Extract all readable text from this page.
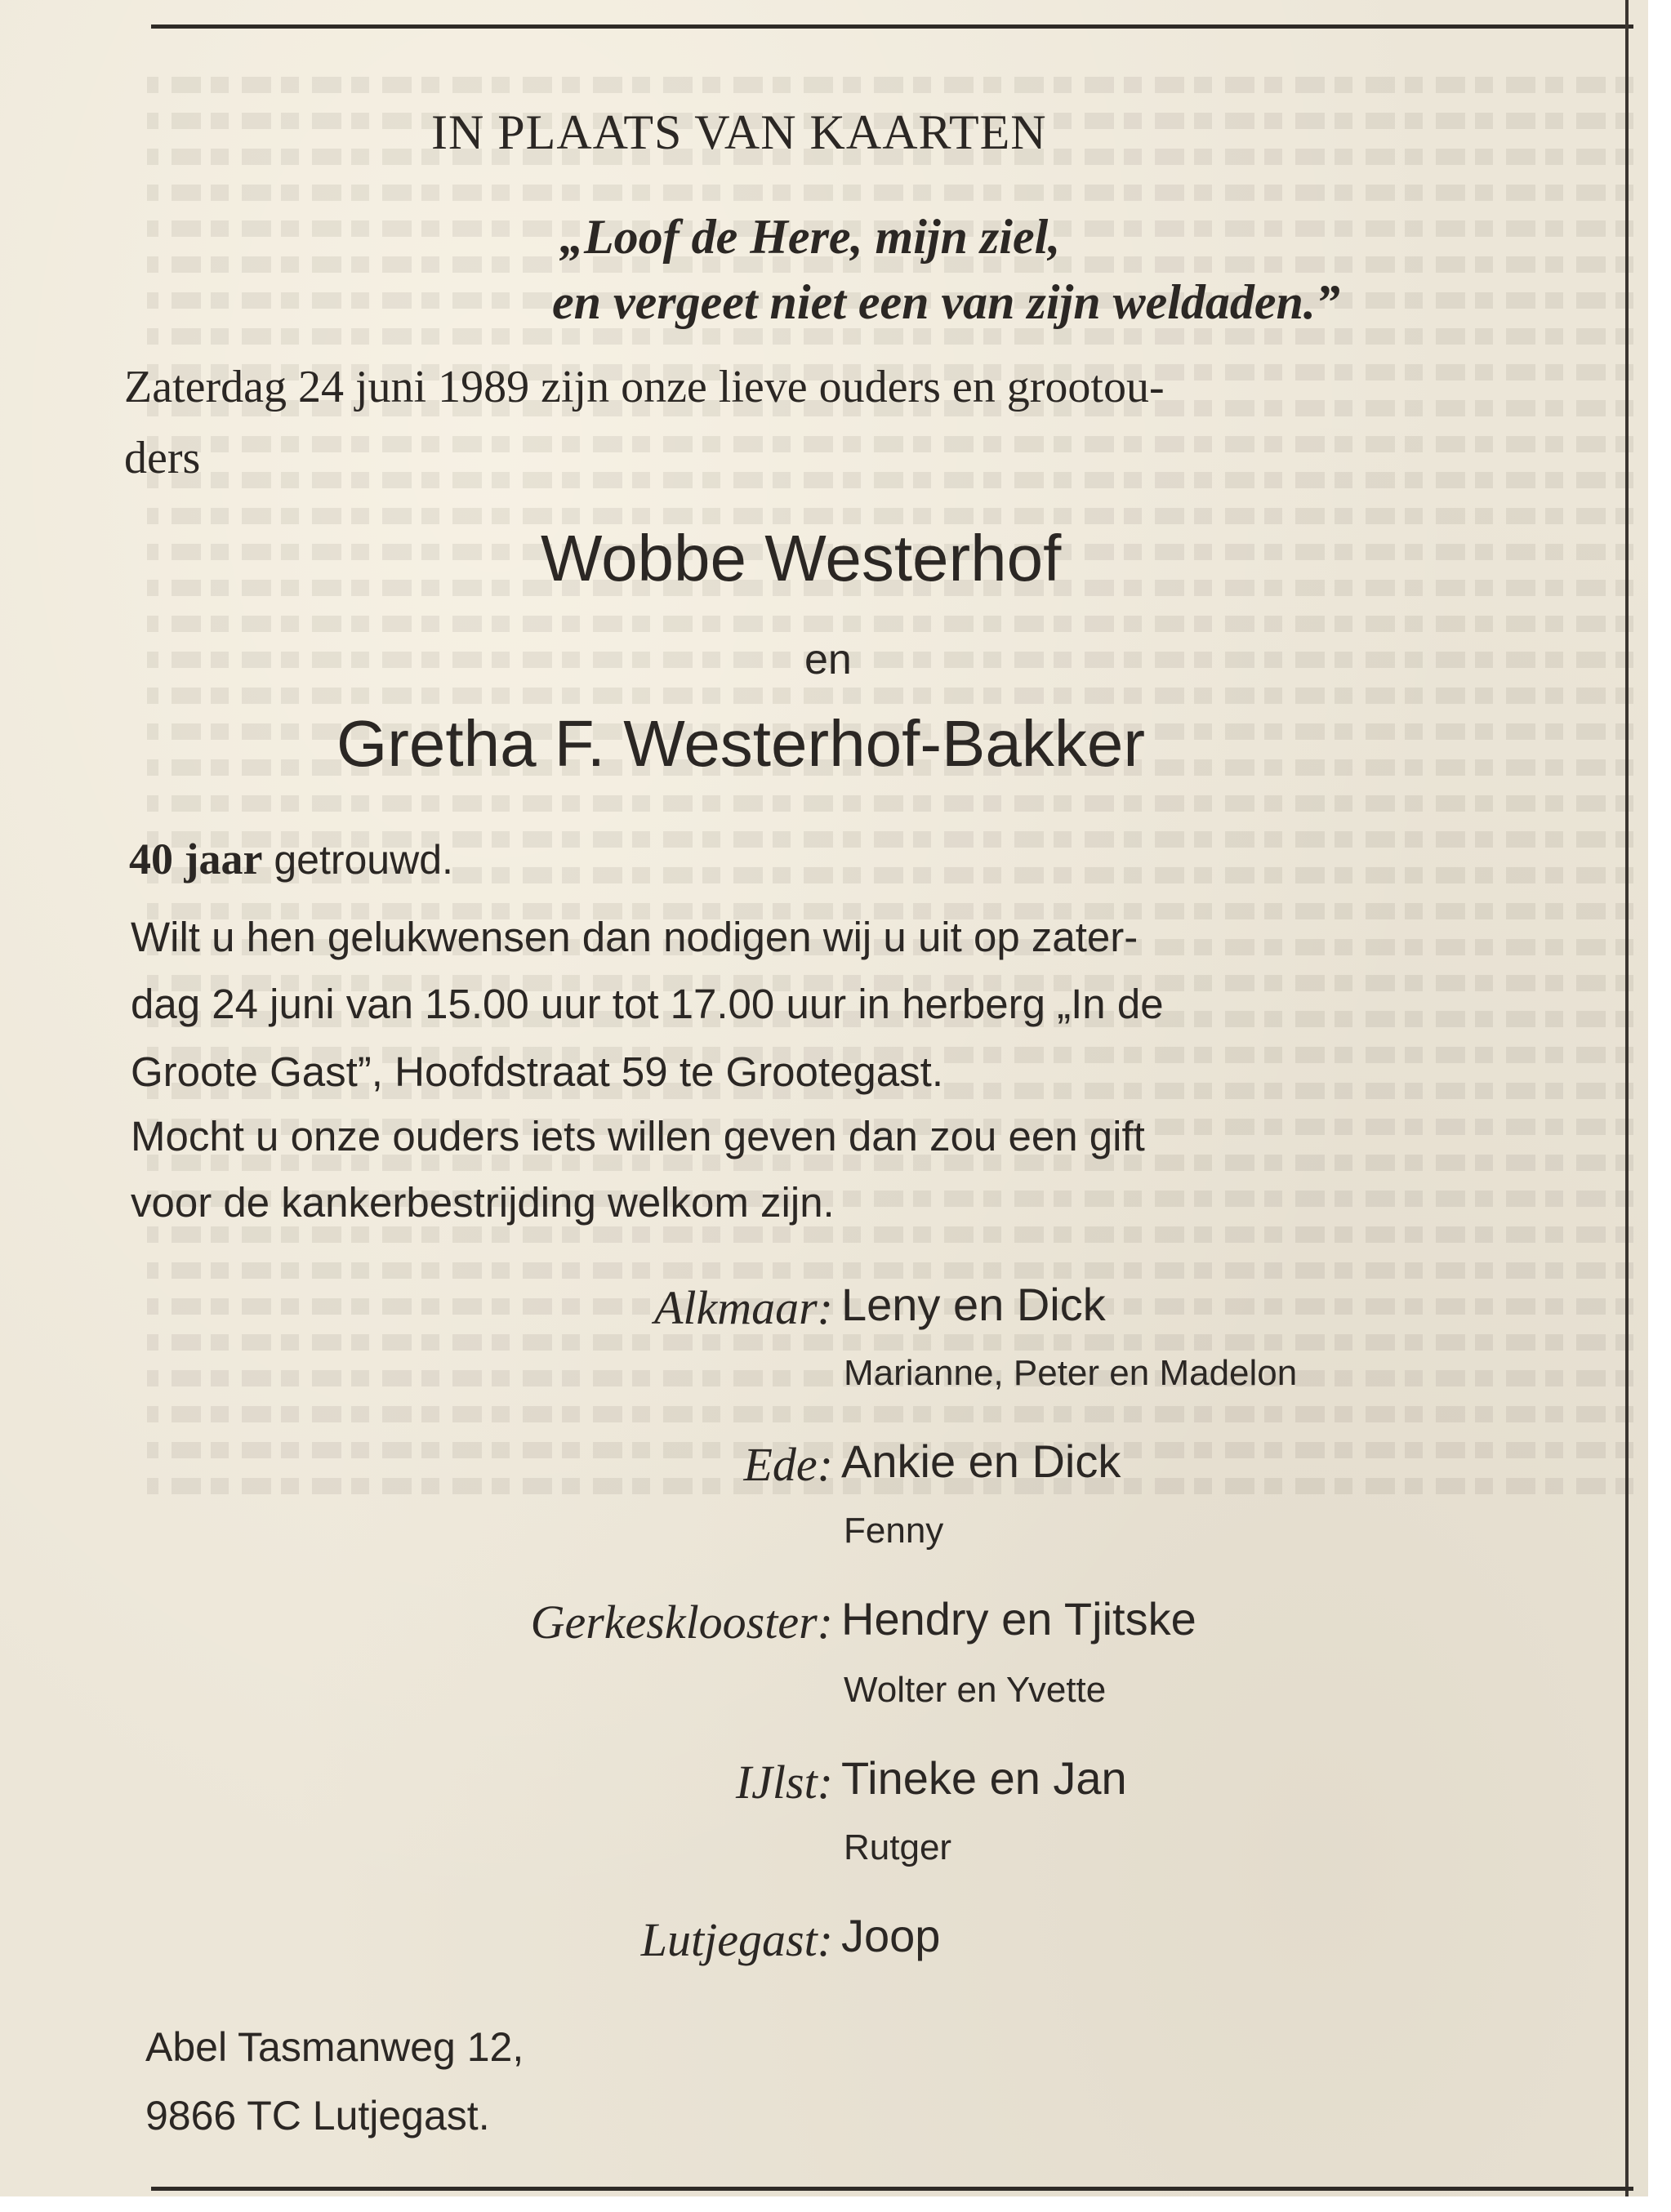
IN PLAATS VAN KAARTEN
„Loof de Here, mijn ziel,
en vergeet niet een van zijn weldaden.”
Zaterdag 24 juni 1989 zijn onze lieve ouders en grootou-
ders
Wobbe Westerhof
en
Gretha F. Westerhof-Bakker
40 jaar getrouwd.
Wilt u hen gelukwensen dan nodigen wij u uit op zater-
dag 24 juni van 15.00 uur tot 17.00 uur in herberg „In de
Groote Gast”, Hoofdstraat 59 te Grootegast.
Mocht u onze ouders iets willen geven dan zou een gift
voor de kankerbestrijding welkom zijn.
Alkmaar: Leny en Dick
Marianne, Peter en Madelon
Ede: Ankie en Dick
Fenny
Gerkesklooster: Hendry en Tjitske
Wolter en Yvette
IJlst: Tineke en Jan
Rutger
Lutjegast: Joop
Abel Tasmanweg 12,
9866 TC Lutjegast.
